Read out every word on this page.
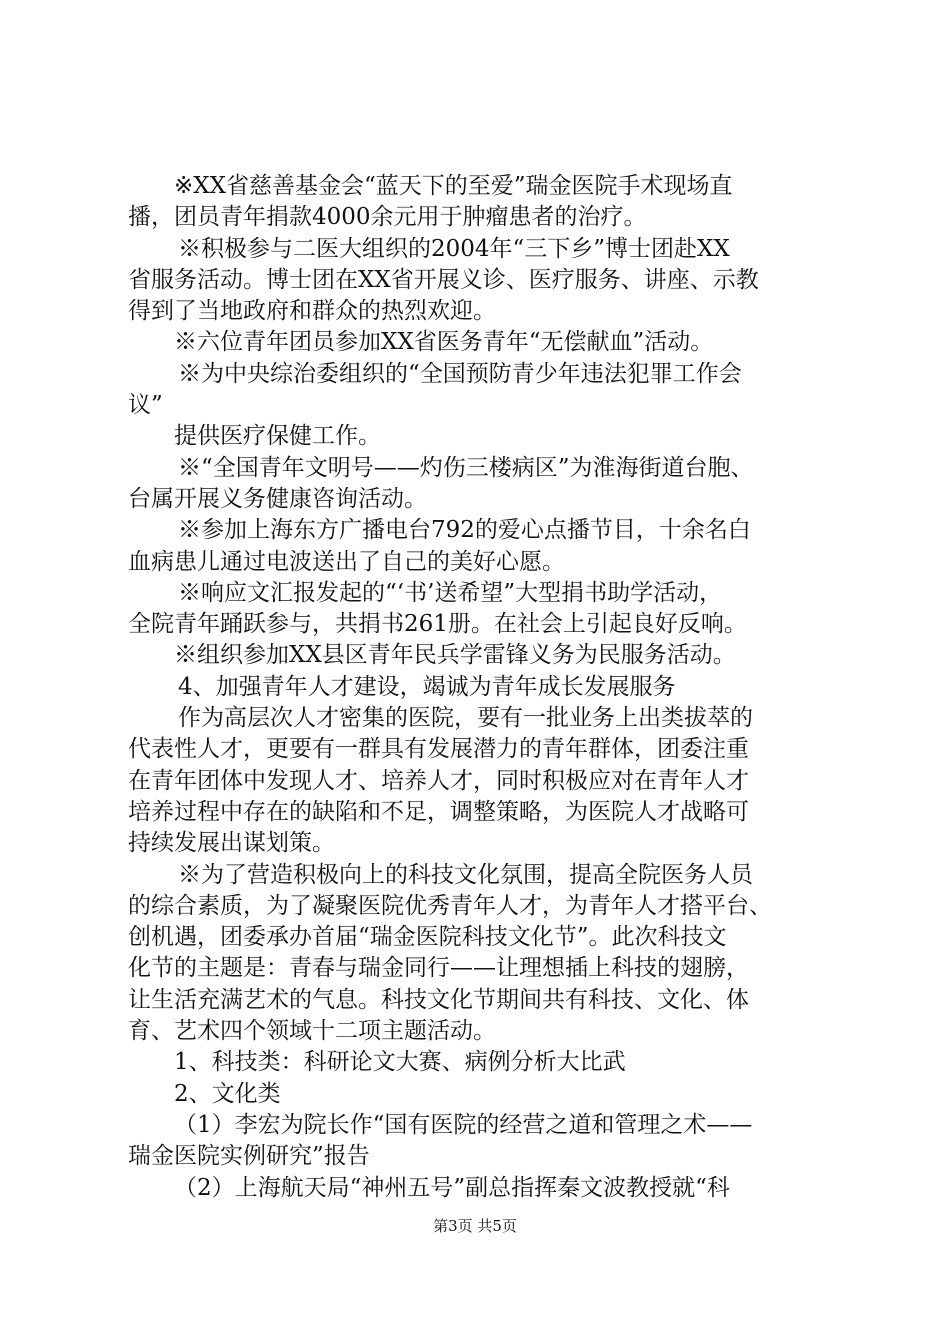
※XX省慈善基金会“蓝天下的至爱”瑞金医院手术现场直
播，团员青年捐款4000余元用于肿瘤患者的治疗。
※积极参与二医大组织的2004年“三下乡”博士团赴XX
省服务活动。博士团在XX省开展义诊、医疗服务、讲座、示教
得到了当地政府和群众的热烈欢迎。
※六位青年团员参加XX省医务青年“无偿献血”活动。
※为中央综治委组织的“全国预防青少年违法犯罪工作会
议”
提供医疗保健工作。
※“全国青年文明号——灼伤三楼病区”为淮海街道台胞、
台属开展义务健康咨询活动。
※参加上海东方广播电台792的爱心点播节目，十余名白
血病患儿通过电波送出了自己的美好心愿。
※响应文汇报发起的“‘书’送希望”大型捐书助学活动，
全院青年踊跃参与，共捐书261册。在社会上引起良好反响。
※组织参加XX县区青年民兵学雷锋义务为民服务活动。
4、加强青年人才建设，竭诚为青年成长发展服务
作为高层次人才密集的医院，要有一批业务上出类拔萃的
代表性人才，更要有一群具有发展潜力的青年群体，团委注重
在青年团体中发现人才、培养人才，同时积极应对在青年人才
培养过程中存在的缺陷和不足，调整策略，为医院人才战略可
持续发展出谋划策。
※为了营造积极向上的科技文化氛围，提高全院医务人员
的综合素质，为了凝聚医院优秀青年人才，为青年人才搭平台、
创机遇，团委承办首届“瑞金医院科技文化节”。此次科技文
化节的主题是：青春与瑞金同行——让理想插上科技的翅膀，
让生活充满艺术的气息。科技文化节期间共有科技、文化、体
育、艺术四个领域十二项主题活动。
1、科技类：科研论文大赛、病例分析大比武
2、文化类
（1）李宏为院长作“国有医院的经营之道和管理之术——
瑞金医院实例研究”报告
（2）上海航天局“神州五号”副总指挥秦文波教授就“科
第3页 共5页
